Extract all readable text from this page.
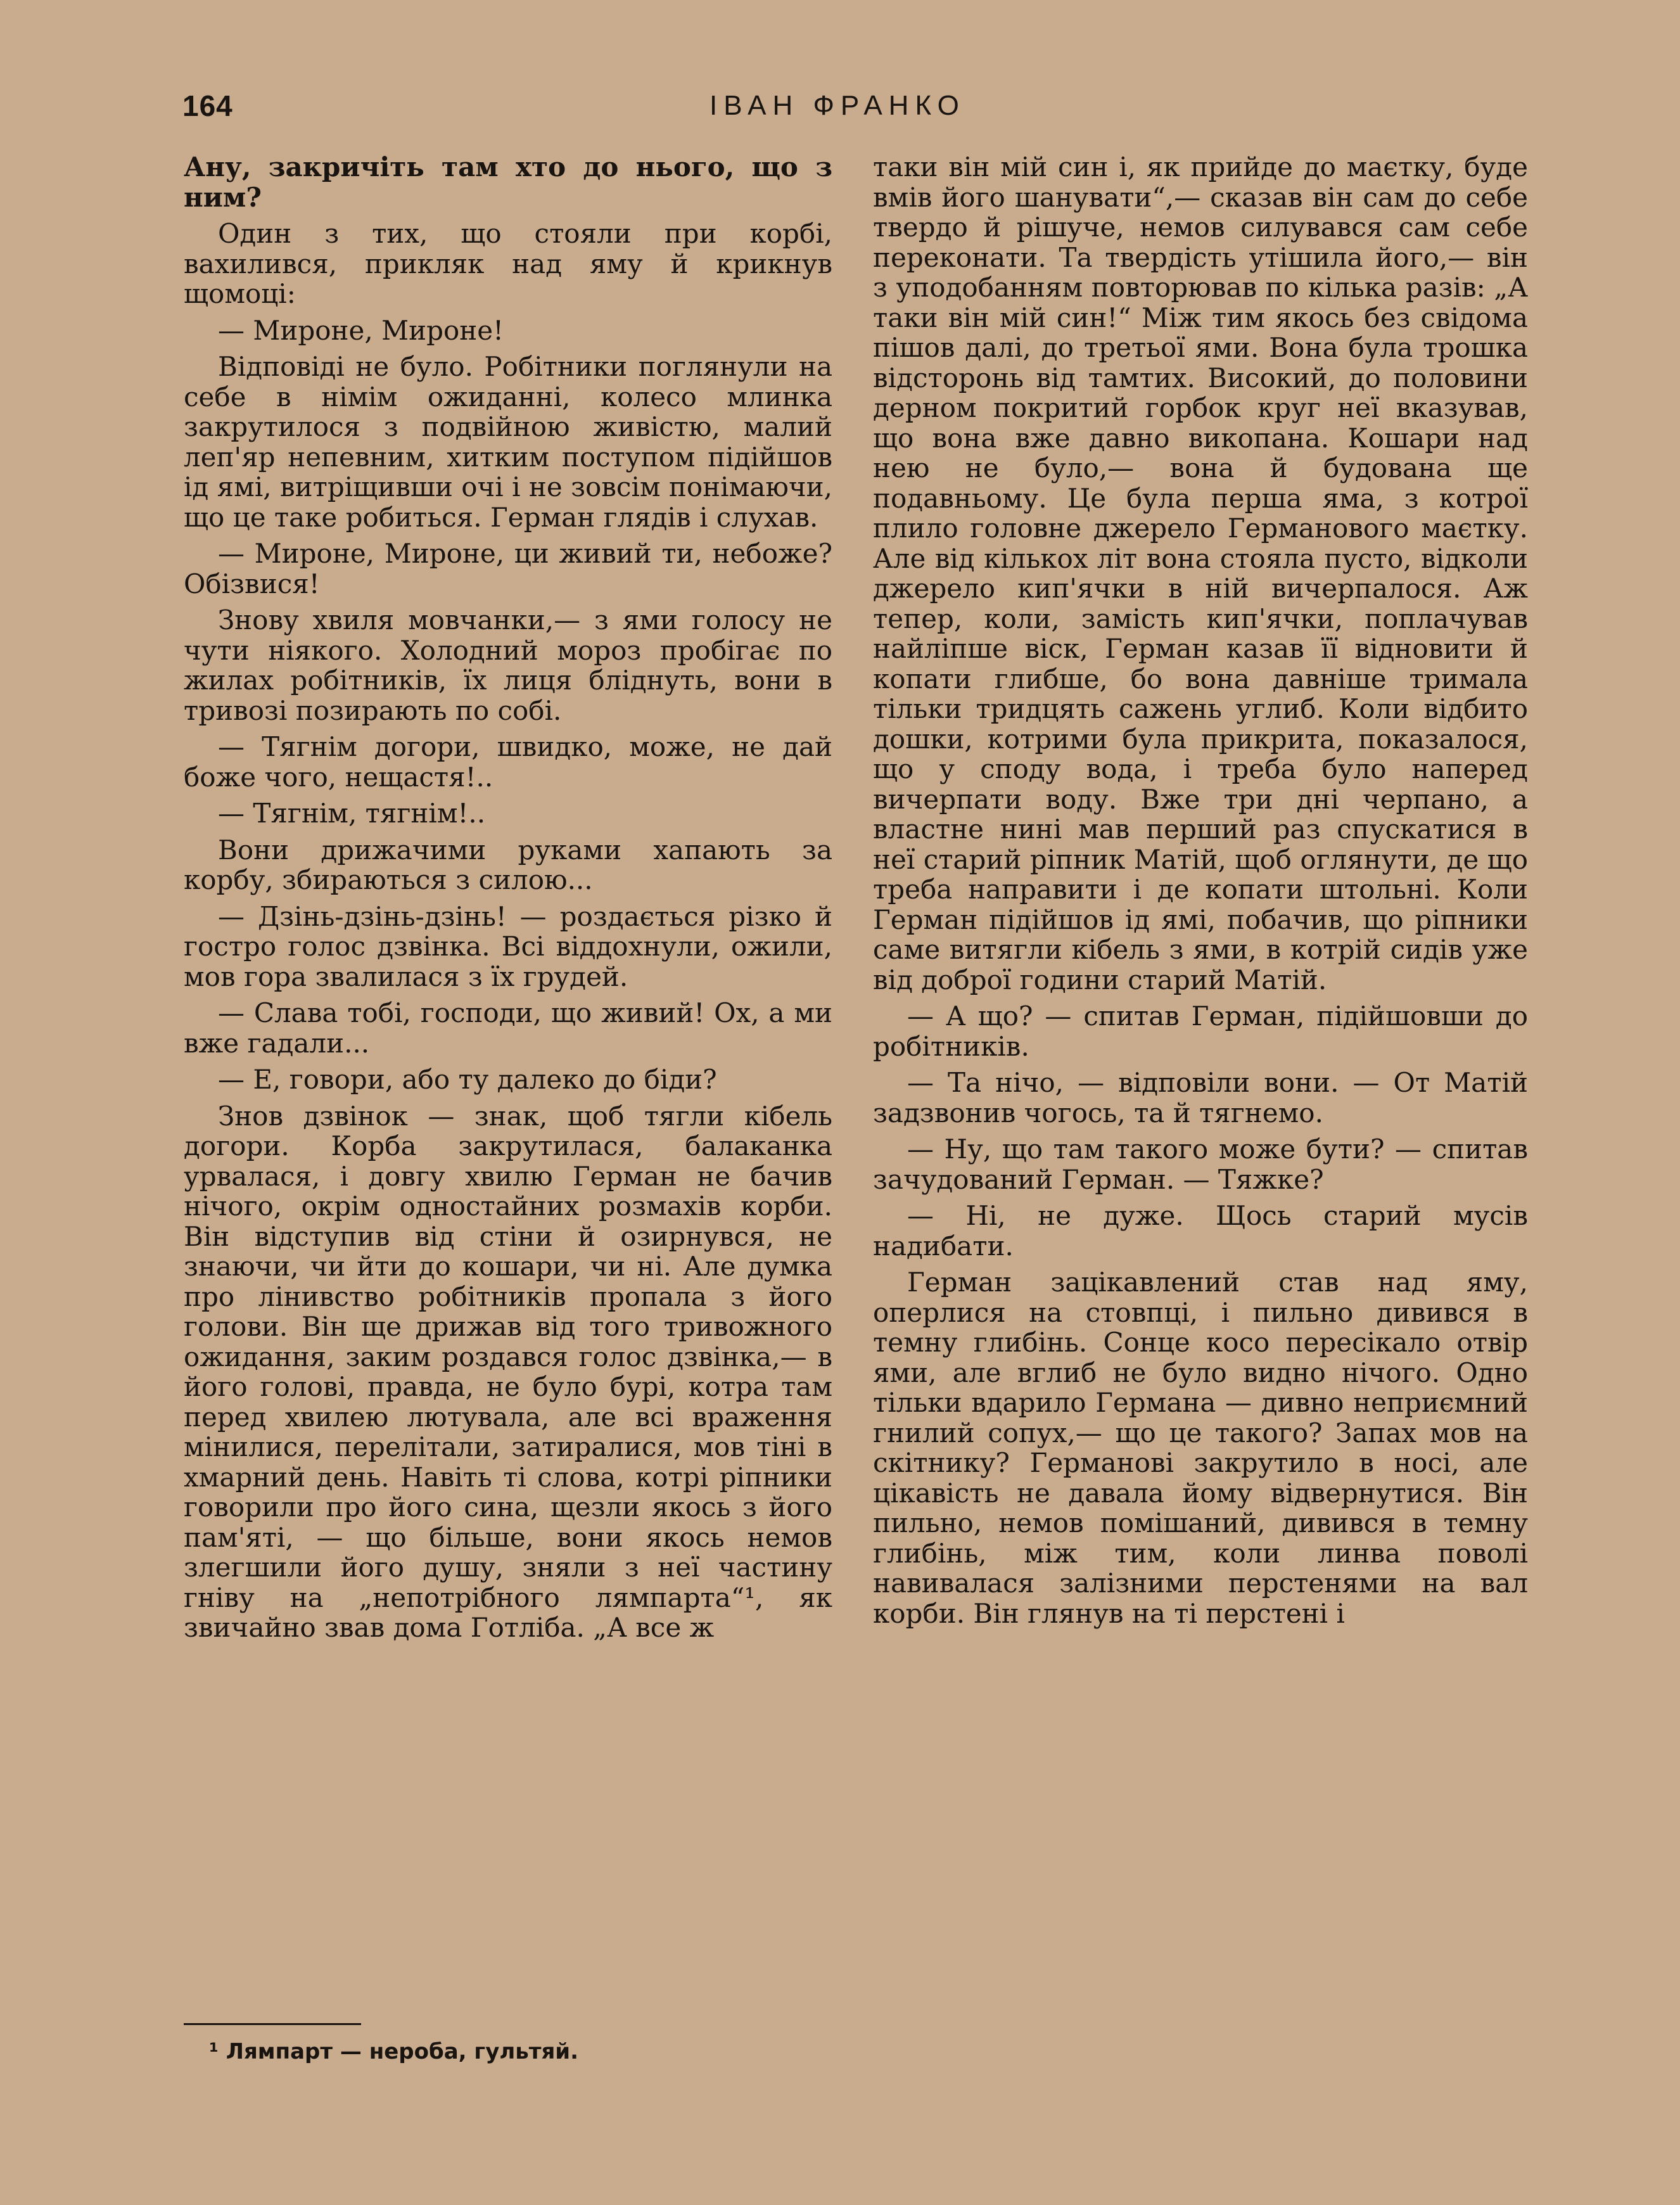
164	ІВАН ФРАНКО

Ану, закричіть там хто до нього, що з ним?

Один з тих, що стояли при корбі, вахилився, прикляк над яму й крикнув щомоці:

— Мироне, Мироне!

Відповіді не було. Робітники поглянули на себе в німім ожиданні, колесо млинка закрутилося з подвійною живістю, малий леп'яр непевним, хитким поступом підійшов ід ямі, витріщивши очі і не зовсім понімаючи, що це таке робиться. Герман глядів і слухав.

— Мироне, Мироне, ци живий ти, небоже? Обізвися!

Знову хвиля мовчанки,— з ями голосу не чути ніякого. Холодний мороз пробігає по жилах робітників, їх лиця бліднуть, вони в тривозі позирають по собі.

— Тягнім догори, швидко, може, не дай боже чого, нещастя!..

— Тягнім, тягнім!..

Вони дрижачими руками хапають за корбу, збираються з силою...

— Дзінь-дзінь-дзінь! — роздається різко й гостро голос дзвінка. Всі віддохнули, ожили, мов гора звалилася з їх грудей.

— Слава тобі, господи, що живий! Ох, а ми вже гадали...

— Е, говори, або ту далеко до біди?

Знов дзвінок — знак, щоб тягли кібель догори. Корба закрутилася, балаканка урвалася, і довгу хвилю Герман не бачив нічого, окрім одностайних розмахів корби. Він відступив від стіни й озирнувся, не знаючи, чи йти до кошари, чи ні. Але думка про лінивство робітників пропала з його голови. Він ще дрижав від того тривожного ожидання, заким роздався голос дзвінка,— в його голові, правда, не було бурі, котра там перед хвилею лютувала, але всі враження мінилися, перелітали, затиралися, мов тіні в хмарний день. Навіть ті слова, котрі ріпники говорили про його сина, щезли якось з його пам'яті, — що більше, вони якось немов злегшили його душу, зняли з неї частину гніву на „непотрібного лямпарта“¹, як звичайно звав дома Готліба. „А все ж

таки він мій син і, як прийде до маєтку, буде вмів його шанувати“,— сказав він сам до себе твердо й рішуче, немов силувався сам себе переконати. Та твердість утішила його,— він з уподобанням повторював по кілька разів: „А таки він мій син!“ Між тим якось без свідома пішов далі, до третьої ями. Вона була трошка відсторонь від тамтих. Високий, до половини дерном покритий горбок круг неї вказував, що вона вже давно викопана. Кошари над нею не було,— вона й будована ще подавньому. Це була перша яма, з котрої плило головне джерело Германового маєтку. Але від кількох літ вона стояла пусто, відколи джерело кип'ячки в ній вичерпалося. Аж тепер, коли, замість кип'ячки, поплачував найліпше віск, Герман казав її відновити й копати глибше, бо вона давніше тримала тільки тридцять сажень углиб. Коли відбито дошки, котрими була прикрита, показалося, що у споду вода, і треба було наперед вичерпати воду. Вже три дні черпано, а властне нині мав перший раз спускатися в неї старий ріпник Матій, щоб оглянути, де що треба направити і де копати штольні. Коли Герман підійшов ід ямі, побачив, що ріпники саме витягли кібель з ями, в котрій сидів уже від доброї години старий Матій.

— А що? — спитав Герман, підійшовши до робітників.

— Та нічо, — відповіли вони. — От Матій задзвонив чогось, та й тягнемо.

— Ну, що там такого може бути? — спитав зачудований Герман. — Тяжке?

— Ні, не дуже. Щось старий мусів надибати.

Герман зацікавлений став над яму, оперлися на стовпці, і пильно дивився в темну глибінь. Сонце косо пересікало отвір ями, але вглиб не було видно нічого. Одно тільки вдарило Германа — дивно неприємний гнилий сопух,— що це такого? Запах мов на скітнику? Германові закрутило в носі, але цікавість не давала йому відвернутися. Він пильно, немов помішаний, дивився в темну глибінь, між тим, коли линва поволі навивалася залізними перстенями на вал корби. Він глянув на ті перстені і

¹ Лямпарт — нероба, гультяй.
